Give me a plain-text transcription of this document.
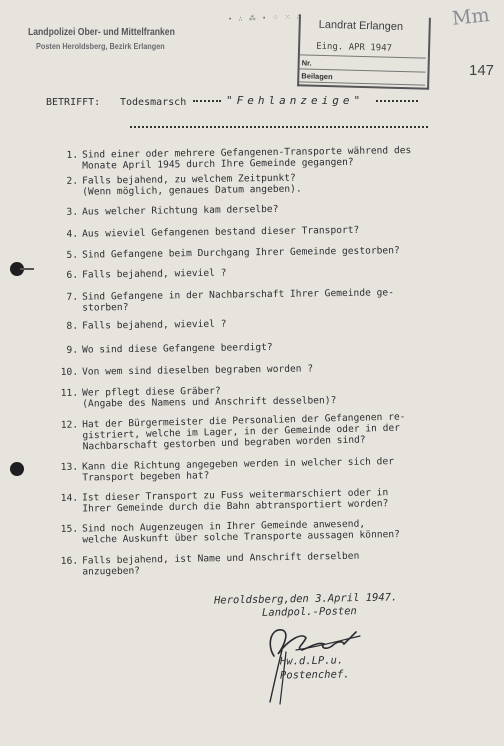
Landpolizei Ober- und Mittelfranken
Posten Heroldsberg, Bezirk Erlangen
• ∴ ⁂ ∙ ⁘ ⁙ ∴
Landrat Erlangen
Eing. APR 1947
Nr.
Beilagen
Mm
147
BETRIFFT: Todesmarsch	"Fehlanzeige"
1. Sind einer oder mehrere Gefangenen-Transporte während des
Monate April 1945 durch Ihre Gemeinde gegangen?
2. Falls bejahend, zu welchem Zeitpunkt?
(Wenn möglich, genaues Datum angeben).
3. Aus welcher Richtung kam derselbe?
4. Aus wieviel Gefangenen bestand dieser Transport?
5. Sind Gefangene beim Durchgang Ihrer Gemeinde gestorben?
6. Falls bejahend, wieviel ?
7. Sind Gefangene in der Nachbarschaft Ihrer Gemeinde ge-
storben?
8. Falls bejahend, wieviel ?
9. Wo sind diese Gefangene beerdigt?
10. Von wem sind dieselben begraben worden ?
11. Wer pflegt diese Gräber?
(Angabe des Namens und Anschrift desselben)?
12. Hat der Bürgermeister die Personalien der Gefangenen re-
gistriert, welche im Lager, in der Gemeinde oder in der
Nachbarschaft gestorben und begraben worden sind?
13. Kann die Richtung angegeben werden in welcher sich der
Transport begeben hat?
14. Ist dieser Transport zu Fuss weitermarschiert oder in
Ihrer Gemeinde durch die Bahn abtransportiert worden?
15. Sind noch Augenzeugen in Ihrer Gemeinde anwesend,
welche Auskunft über solche Transporte aussagen können?
16. Falls bejahend, ist Name und Anschrift derselben
anzugeben?
Heroldsberg,den 3.April 1947.
Landpol.-Posten
Hw.d.LP.u.
Postenchef.
